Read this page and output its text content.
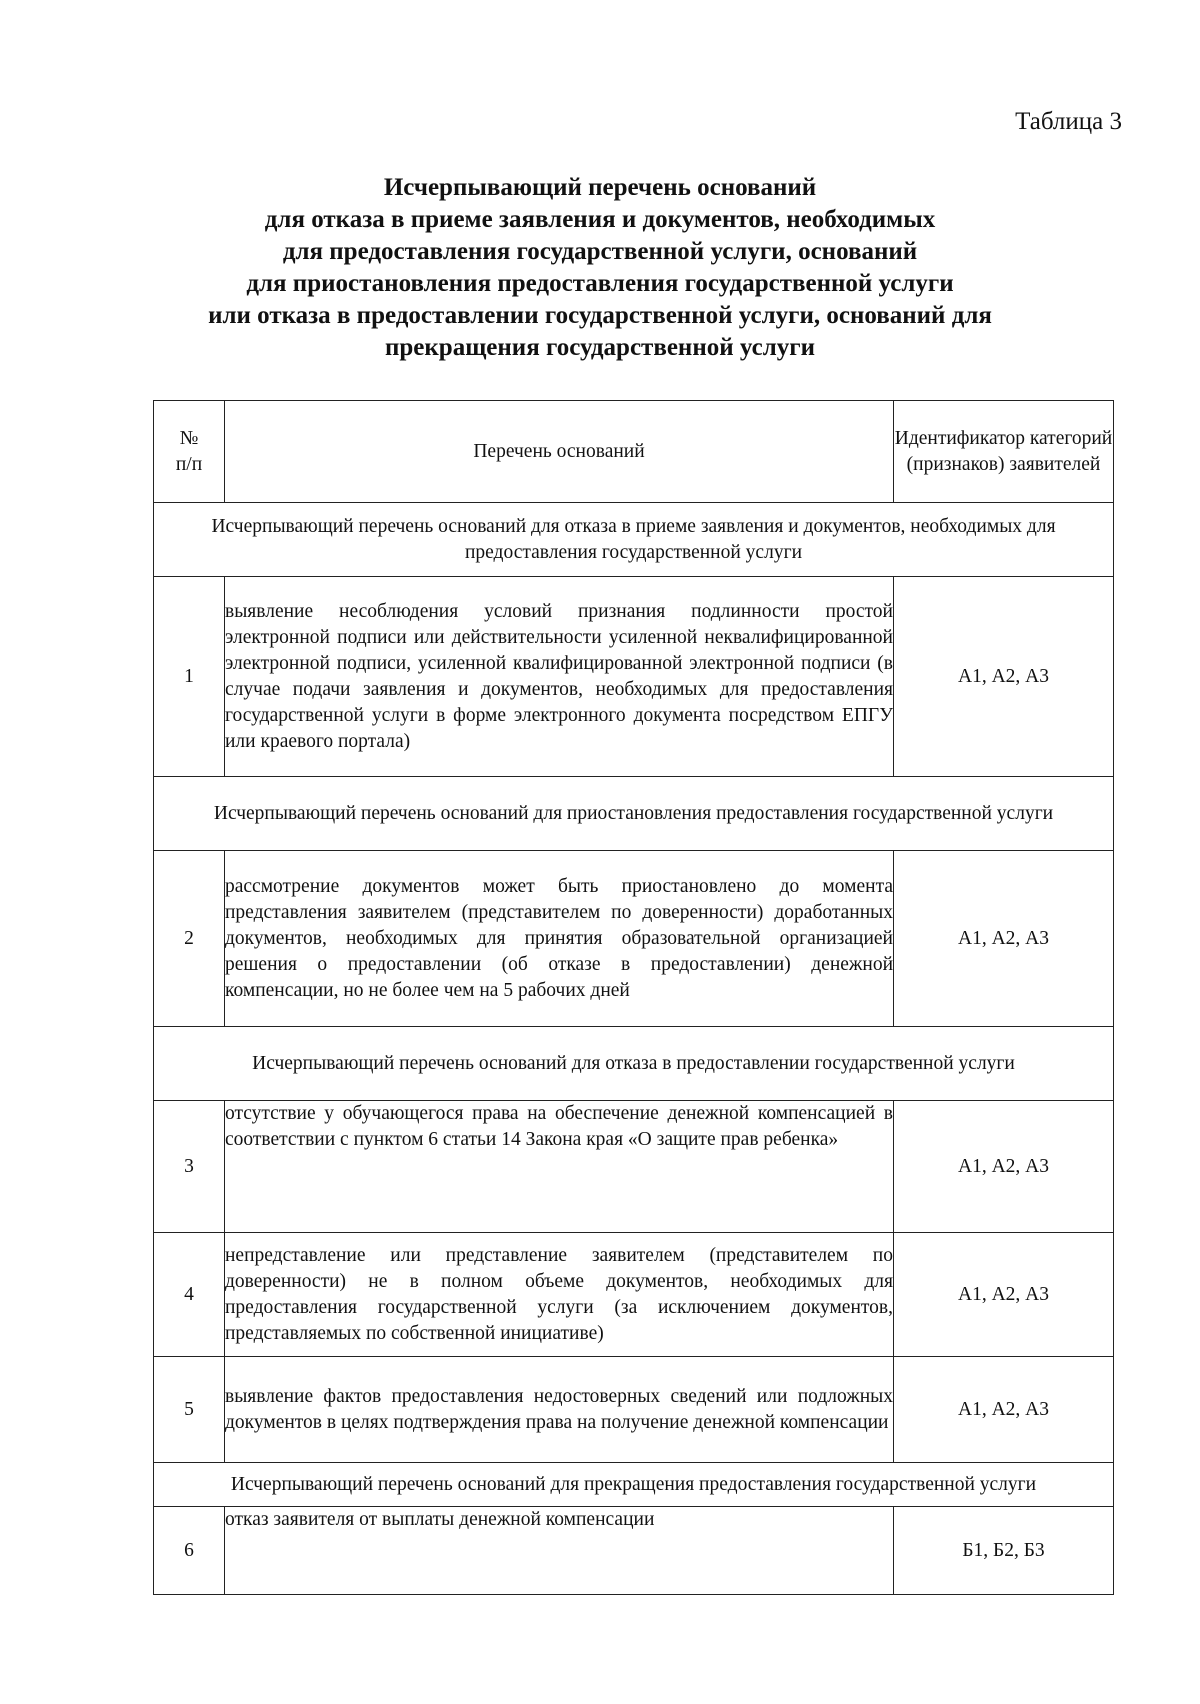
Таблица 3
Исчерпывающий перечень оснований
для отказа в приеме заявления и документов, необходимых
для предоставления государственной услуги, оснований
для приостановления предоставления государственной услуги
или отказа в предоставлении государственной услуги, оснований для
прекращения государственной услуги
№
п/п	Перечень оснований	Идентификатор категорий (признаков) заявителей
Исчерпывающий перечень оснований для отказа в приеме заявления и документов, необходимых для предоставления государственной услуги		
1	выявление несоблюдения условий признания подлинности простой электронной подписи или действительности усиленной неквалифицированной электронной подписи, усиленной квалифицированной электронной подписи (в случае подачи заявления и документов, необходимых для предоставления государственной услуги в форме электронного документа посредством ЕПГУ или краевого портала)	А1, А2, А3
Исчерпывающий перечень оснований для приостановления предоставления государственной услуги		
2	рассмотрение документов может быть приостановлено до момента представления заявителем (представителем по доверенности) доработанных документов, необходимых для принятия образовательной организацией решения о предоставлении (об отказе в предоставлении) денежной компенсации, но не более чем на 5 рабочих дней	А1, А2, А3
Исчерпывающий перечень оснований для отказа в предоставлении государственной услуги		
3	отсутствие у обучающегося права на обеспечение денежной компенсацией в соответствии с пунктом 6 статьи 14 Закона края «О защите прав ребенка»	А1, А2, А3
4	непредставление или представление заявителем (представителем по доверенности) не в полном объеме документов, необходимых для предоставления государственной услуги (за исключением документов, представляемых по собственной инициативе)	А1, А2, А3
5	выявление фактов предоставления недостоверных сведений или подложных документов в целях подтверждения права на получение денежной компенсации	А1, А2, А3
Исчерпывающий перечень оснований для прекращения предоставления государственной услуги		
6	отказ заявителя от выплаты денежной компенсации	Б1, Б2, Б3
